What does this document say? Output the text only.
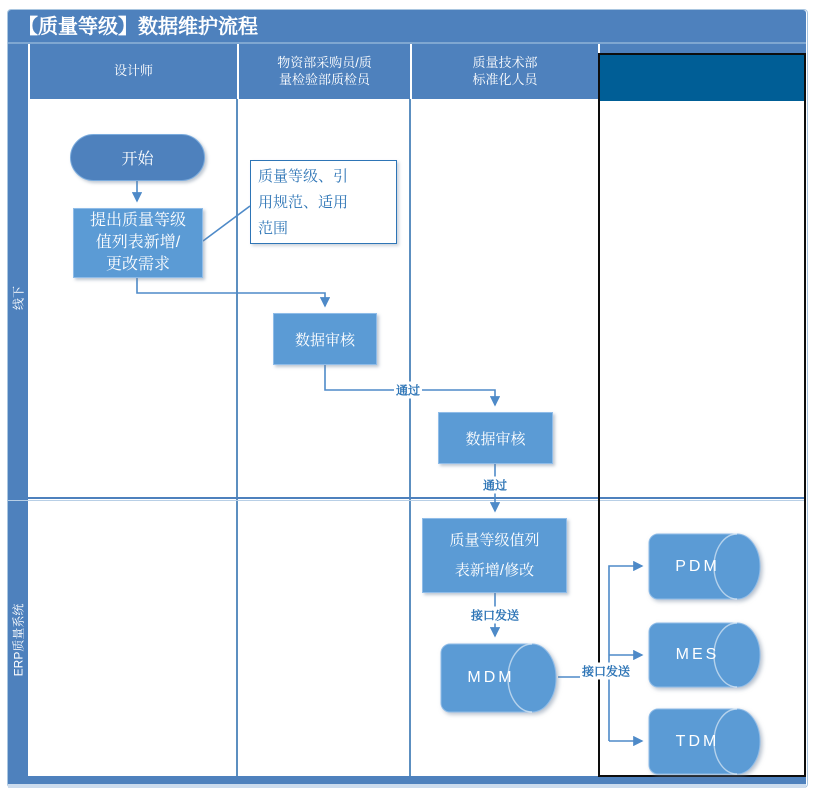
【质量等级】数据维护流程
线下
ERP质量系统
设计师
物资部采购员/质
量检验部质检员
质量技术部
标准化人员
开始
提出质量等级
值列表新增/
更改需求
质量等级、引
用规范、适用
范围
数据审核
数据审核
质量等级值列
表新增/修改
MDM
PDM
MES
TDM
通过
通过
接口发送
接口发送
